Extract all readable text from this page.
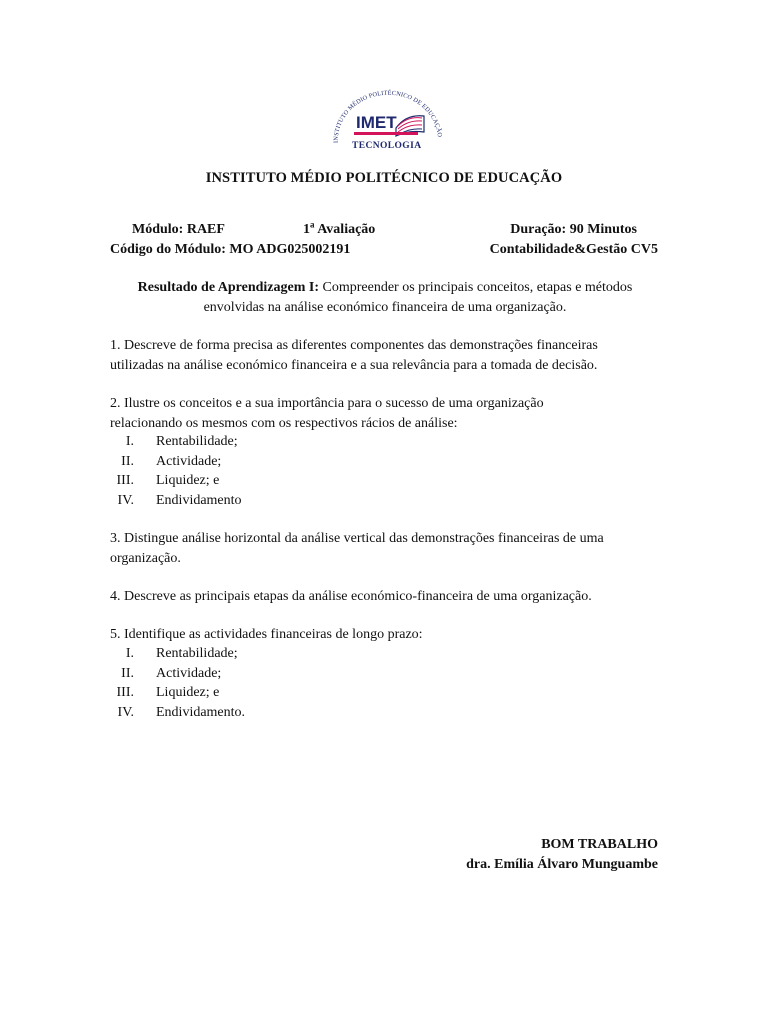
INSTITUTO MÉDIO POLITÉCNICO DE EDUCAÇÃO
IMET
TECNOLOGIA
INSTITUTO MÉDIO POLITÉCNICO DE EDUCAÇÃO
Módulo: RAEF	1$^a$ Avaliação	Duração: 90 Minutos
Código do Módulo: MO ADG025002191	Contabilidade&Gestão CV5
Resultado de Aprendizagem I: Compreender os principais conceitos, etapas e métodos
envolvidas na análise económico financeira de uma organização.
1. Descreve de forma precisa as diferentes componentes das demonstrações financeiras
utilizadas na análise económico financeira e a sua relevância para a tomada de decisão.
2. Ilustre os conceitos e a sua importância para o sucesso de uma organização
relacionando os mesmos com os respectivos rácios de análise:
I. Rentabilidade;
II. Actividade;
III. Liquidez; e
IV. Endividamento
3. Distingue análise horizontal da análise vertical das demonstrações financeiras de uma
organização.
4. Descreve as principais etapas da análise económico-financeira de uma organização.
5. Identifique as actividades financeiras de longo prazo:
I. Rentabilidade;
II. Actividade;
III. Liquidez; e
IV. Endividamento.
BOM TRABALHO
dra. Emília Álvaro Munguambe
